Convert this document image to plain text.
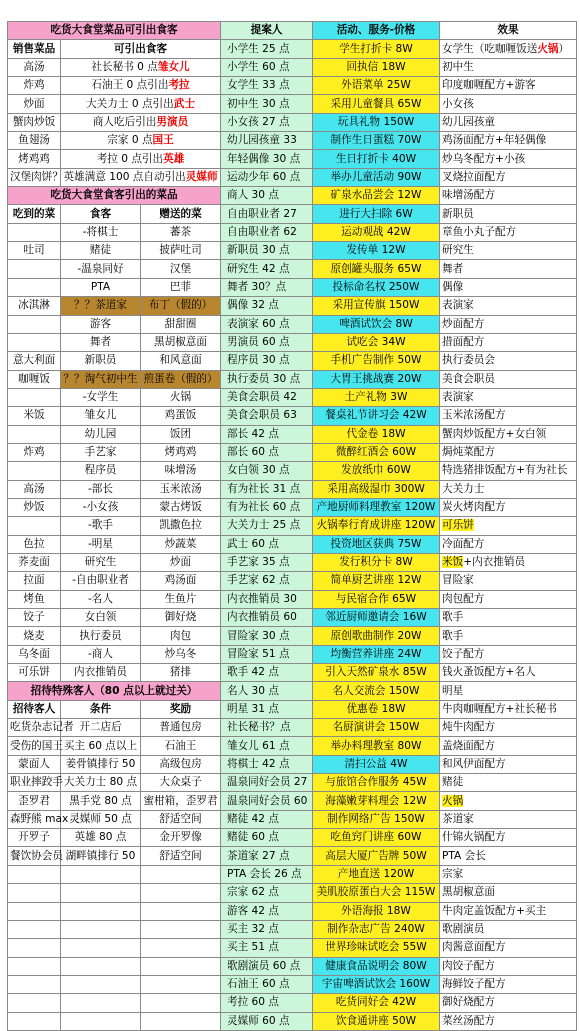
吃货大食堂菜品可引出食客		
销售菜品	可引出食客	
高汤	社长秘书 0 点雏女儿	
炸鸡	石油王 0 点引出考拉	
炒面	大关力士 0 点引出武士	
蟹肉炒饭	商人吃后引出男演员	
鱼翅汤	宗家 0 点国王	
烤鸡鸡	考拉 0 点引出英雄	
汉堡肉饼？	英雄满意 100 点自动引出灵媒师	
吃货大食堂食客引出的菜品		
吃到的菜	食客	赠送的菜
	-将棋士	蕃茶
吐司	赌徒	披萨吐司
	-温泉同好	汉堡
	PTA	巴菲
冰淇淋	？？茶道家	布丁（假的）
	游客	甜甜圈
	舞者	黑胡椒意面
意大利面	新职员	和风意面
咖喱饭	？？淘气初中生	煎蛋卷（假的）
	-女学生	火锅
米饭	雏女儿	鸡蛋饭
	幼儿园	饭团
炸鸡	手艺家	烤鸡鸡
	程序员	味增汤
高汤	-部长	玉米浓汤
炒饭	-小女孩	蒙古烤饭
	-歌手	凯撒色拉
色拉	-明星	炒蔬菜
荞麦面	研究生	炒面
拉面	-自由职业者	鸡汤面
烤鱼	-名人	生鱼片
饺子	女白领	御好烧
烧麦	执行委员	肉包
乌冬面	-商人	炒乌冬
可乐饼	内衣推销员	猪排
招待特殊客人（80 点以上就过关）		
招待客人	条件	奖励
吃货杂志记者	开二店后	普通包房
受伤的国王	买主 60 点以上	石油王
蒙面人	姜骨镇排行 50	高级包房
职业摔跤手	大关力士 80 点	大众桌子
歪罗君	黑手党 80 点	蜜柑箱，歪罗君
森野熊 max	灵媒师 50 点	舒适空间
开罗子	英雄 80 点	金开罗像
餐饮协会员	湖畔镇排行 50	舒适空间

提案人	活动、服务-价格	效果
小学生 25 点	学生打折卡 8W	女学生（吃咖喱饭送火锅）
小学生 60 点	回执信 18W	初中生
女学生 33 点	外语菜单 25W	印度咖喱配方+游客
初中生 30 点	采用儿童餐具 65W	小女孩
小女孩 27 点	玩具礼物 150W	幼儿园孩童
幼儿园孩童 33	制作生日蛋糕 70W	鸡汤面配方+年轻偶像
年轻偶像 30 点	生日打折卡 40W	炒乌冬配方+小孩
运动少年 60 点	举办儿童活动 90W	叉烧拉面配方
商人 30 点	矿泉水品尝会 12W	味增汤配方
自由职业者 27	进行大扫除 6W	新职员
自由职业者 62	运动观战 42W	章鱼小丸子配方
新职员 30 点	发传单 12W	研究生
研究生 42 点	原创罐头服务 65W	舞者
舞者 30？点	投标命名权 250W	偶像
偶像 32 点	采用宣传旗 150W	表演家
表演家 60 点	啤酒试饮会 8W	炒面配方
男演员 60 点	试吃会 34W	措面配方
程序员 30 点	手机广告制作 50W	执行委员会
执行委员 30 点	大胃王挑战赛 20W	美食会职员
美食会职员 42	土产礼物 3W	表演家
美食会职员 63	餐桌礼节讲习会 42W	玉米浓汤配方
部长 42 点	代金卷 18W	蟹肉炒饭配方+女白领
部长 60 点	微醉红酒会 60W	焗炖菜配方
女白领 30 点	发放纸巾 60W	特选猪排饭配方+有为社长
有为社长 31 点	采用高级湿巾 300W	大关力士
有为社长 60 点	产地厨师料理教室 120W	炭火烤肉配方
大关力士 25 点	火锅奉行育成讲座 120W	可乐饼
武士 60 点	投资地区获典 75W	冷面配方
手艺家 35 点	发行积分卡 8W	米饭+内衣推销员
手艺家 62 点	简单厨艺讲座 12W	冒险家
内衣推销员 30	与民宿合作 65W	肉包配方
内衣推销员 60	邻近厨师邀请会 16W	歌手
冒险家 30 点	原创歌曲制作 20W	歌手
冒险家 51 点	均衡营养讲座 24W	饺子配方
歌手 42 点	引入天然矿泉水 85W	钱火蚤饭配方+名人
名人 30 点	名人交流会 150W	明星
明星 31 点	优惠卷 18W	牛肉咖喱配方+社长秘书
社长秘书？点	名厨演讲会 150W	炖牛肉配方
雏女儿 61 点	举办料理教室 80W	盖烧面配方
将棋士 42 点	清扫公益 4W	和风伊面配方
温泉同好会员 27	与旅馆合作服务 45W	赌徒
温泉同好会员 60	海藻嫩芽料理会 12W	火锅
赌徒 42 点	制作网络广告 150W	茶道家
赌徒 60 点	吃鱼窍门讲座 60W	什锦火锅配方
茶道家 27 点	高层大厦广告牌 50W	PTA 会长
PTA 会长 26 点	产地直送 120W	宗家
宗家 62 点	美肌胶原蛋白大会 115W	黑胡椒意面
游客 42 点	外语海报 18W	牛肉定盖饭配方+买主
买主 32 点	制作杂志广告 240W	歌剧演员
买主 51 点	世界珍味试吃会 55W	肉酱意面配方
歌剧演员 60 点	健康食品说明会 80W	肉饺子配方
石油王 60 点	宇宙啤酒试饮会 160W	海鲜饺子配方
考拉 60 点	吃货同好会 42W	御好烧配方
灵媒师 60 点	饮食通讲座 50W	菜丝汤配方
